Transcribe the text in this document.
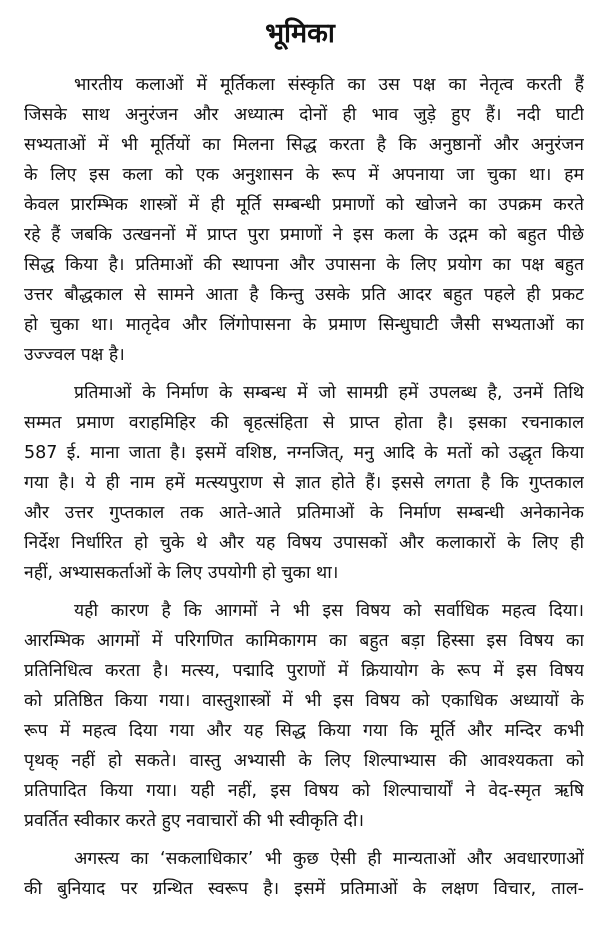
भूमिका
भारतीय कलाओं में मूर्तिकला संस्कृति का उस पक्ष का नेतृत्व करती हैं
जिसके साथ अनुरंजन और अध्यात्म दोनों ही भाव जुड़े हुए हैं। नदी घाटी
सभ्यताओं में भी मूर्तियों का मिलना सिद्ध करता है कि अनुष्ठानों और अनुरंजन
के लिए इस कला को एक अनुशासन के रूप में अपनाया जा चुका था। हम
केवल प्रारम्भिक शास्त्रों में ही मूर्ति सम्बन्धी प्रमाणों को खोजने का उपक्रम करते
रहे हैं जबकि उत्खननों में प्राप्त पुरा प्रमाणों ने इस कला के उद्गम को बहुत पीछे
सिद्ध किया है। प्रतिमाओं की स्थापना और उपासना के लिए प्रयोग का पक्ष बहुत
उत्तर बौद्धकाल से सामने आता है किन्तु उसके प्रति आदर बहुत पहले ही प्रकट
हो चुका था। मातृदेव और लिंगोपासना के प्रमाण सिन्धुघाटी जैसी सभ्यताओं का
उज्ज्वल पक्ष है।
प्रतिमाओं के निर्माण के सम्बन्ध में जो सामग्री हमें उपलब्ध है, उनमें तिथि
सम्मत प्रमाण वराहमिहिर की बृहत्संहिता से प्राप्त होता है। इसका रचनाकाल
587 ई. माना जाता है। इसमें वशिष्ठ, नग्नजित्, मनु आदि के मतों को उद्धृत किया
गया है। ये ही नाम हमें मत्स्यपुराण से ज्ञात होते हैं। इससे लगता है कि गुप्तकाल
और उत्तर गुप्तकाल तक आते-आते प्रतिमाओं के निर्माण सम्बन्धी अनेकानेक
निर्देश निर्धारित हो चुके थे और यह विषय उपासकों और कलाकारों के लिए ही
नहीं, अभ्यासकर्ताओं के लिए उपयोगी हो चुका था।
यही कारण है कि आगमों ने भी इस विषय को सर्वाधिक महत्व दिया।
आरम्भिक आगमों में परिगणित कामिकागम का बहुत बड़ा हिस्सा इस विषय का
प्रतिनिधित्व करता है। मत्स्य, पद्मादि पुराणों में क्रियायोग के रूप में इस विषय
को प्रतिष्ठित किया गया। वास्तुशास्त्रों में भी इस विषय को एकाधिक अध्यायों के
रूप में महत्व दिया गया और यह सिद्ध किया गया कि मूर्ति और मन्दिर कभी
पृथक् नहीं हो सकते। वास्तु अभ्यासी के लिए शिल्पाभ्यास की आवश्यकता को
प्रतिपादित किया गया। यही नहीं, इस विषय को शिल्पाचार्यों ने वेद-स्मृत ऋषि
प्रवर्तित स्वीकार करते हुए नवाचारों की भी स्वीकृति दी।
अगस्त्य का ‘सकलाधिकार’ भी कुछ ऐसी ही मान्यताओं और अवधारणाओं
की बुनियाद पर ग्रन्थित स्वरूप है। इसमें प्रतिमाओं के लक्षण विचार, ताल-
